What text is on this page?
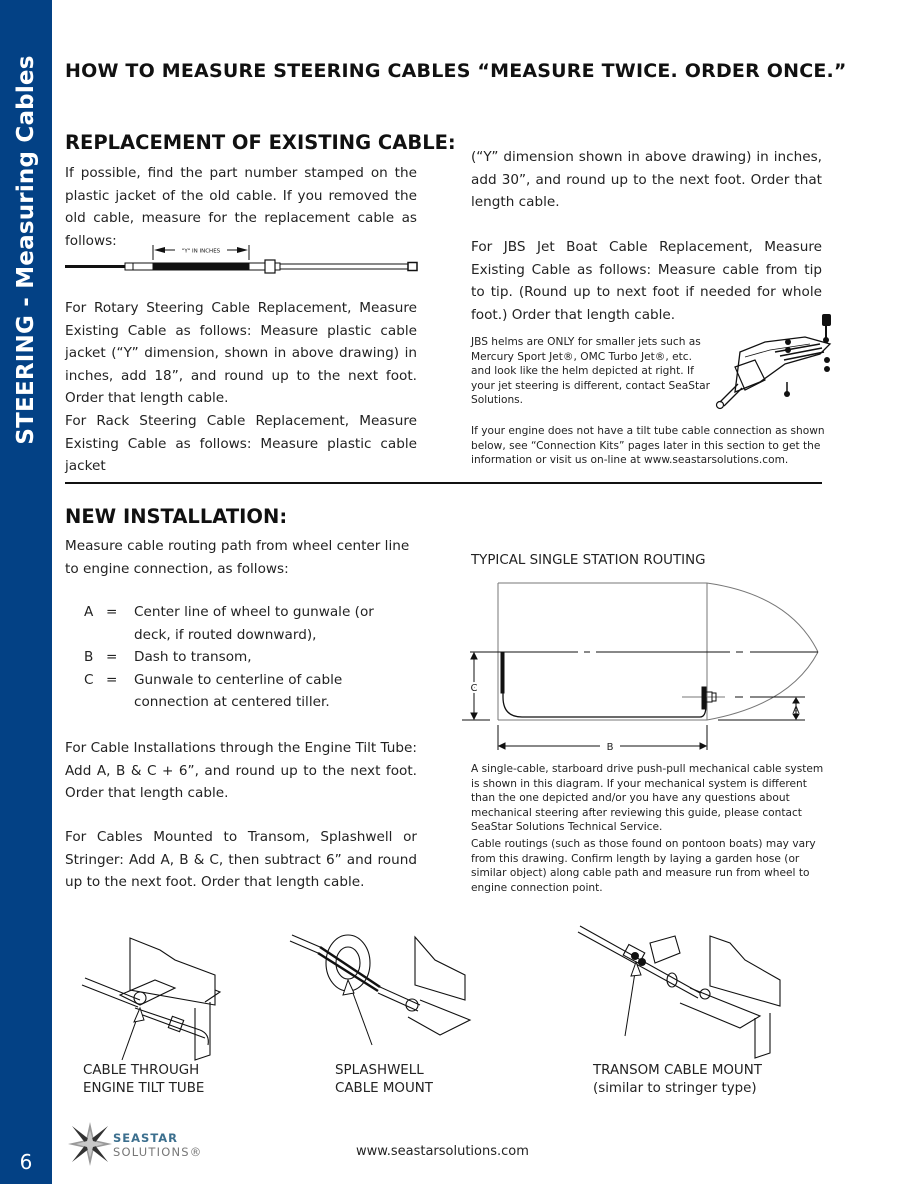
STEERING - Measuring Cables
6
HOW TO MEASURE STEERING CABLES “MEASURE TWICE. ORDER ONCE.”
REPLACEMENT OF EXISTING CABLE:
If possible, find the part number stamped on the plastic jacket of the old cable. If you removed the old cable, measure for the replacement cable as follows:
"Y" IN INCHES
For Rotary Steering Cable Replacement, Measure Existing Cable as follows: Measure plastic cable jacket (“Y” dimension, shown in above drawing) in inches, add 18”, and round up to the next foot. Order that length cable.
For Rack Steering Cable Replacement, Measure Existing Cable as follows: Measure plastic cable jacket
(“Y” dimension shown in above drawing) in inches, add 30”, and round up to the next foot. Order that length cable.
For JBS Jet Boat Cable Replacement, Measure Existing Cable as follows: Measure cable from tip to tip. (Round up to next foot if needed for whole foot.) Order that length cable.
JBS helms are ONLY for smaller jets such as Mercury Sport Jet®, OMC Turbo Jet®, etc. and look like the helm depicted at right. If your jet steering is different, contact SeaStar Solutions.
If your engine does not have a tilt tube cable connection as shown below, see “Connection Kits” pages later in this section to get the information or visit us on-line at www.seastarsolutions.com.
NEW INSTALLATION:
Measure cable routing path from wheel center line to engine connection, as follows:
A =	Center line of wheel to gunwale (or deck, if routed downward),
B =	Dash to transom,
C =	Gunwale to centerline of cable connection at centered tiller.
For Cable Installations through the Engine Tilt Tube: Add A, B & C + 6”, and round up to the next foot. Order that length cable.
For Cables Mounted to Transom, Splashwell or Stringer: Add A, B & C, then subtract 6” and round up to the next foot. Order that length cable.
TYPICAL SINGLE STATION ROUTING
C
A
B
A single-cable, starboard drive push-pull mechanical cable system is shown in this diagram. If your mechanical system is different than the one depicted and/or you have any questions about mechanical steering after reviewing this guide, please contact SeaStar Solutions Technical Service.
Cable routings (such as those found on pontoon boats) may vary from this drawing. Confirm length by laying a garden hose (or similar object) along cable path and measure run from wheel to engine connection point.
CABLE THROUGH
ENGINE TILT TUBE
SPLASHWELL
CABLE MOUNT
TRANSOM CABLE MOUNT
(similar to stringer type)
SEASTAR
SOLUTIONS®	www.seastarsolutions.com
